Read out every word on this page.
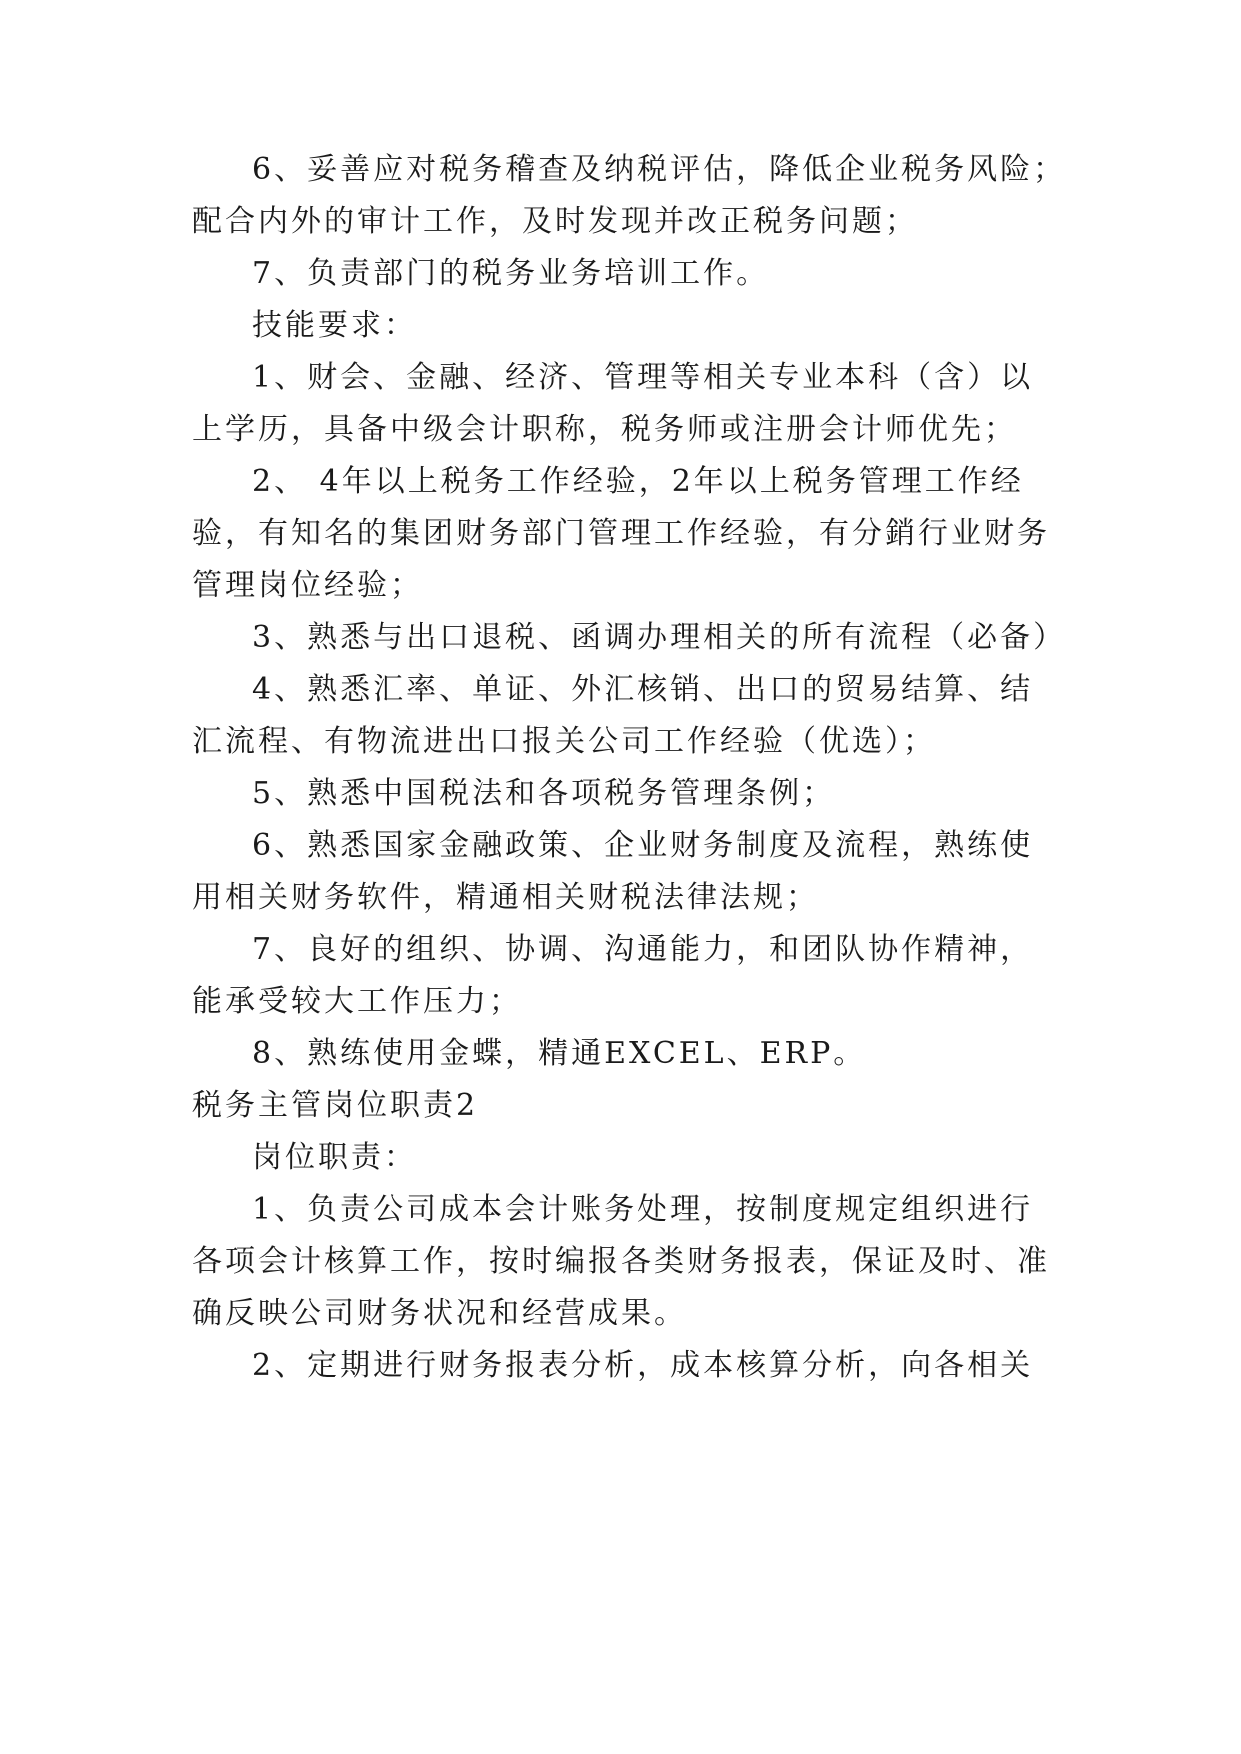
6、妥善应对税务稽查及纳税评估，降低企业税务风险；
配合内外的审计工作，及时发现并改正税务问题；
7、负责部门的税务业务培训工作。
技能要求：
1、财会、金融、经济、管理等相关专业本科（含）以
上学历，具备中级会计职称，税务师或注册会计师优先；
2、 4年以上税务工作经验，2年以上税务管理工作经
验，有知名的集团财务部门管理工作经验，有分銷行业财务
管理岗位经验；
3、熟悉与出口退税、函调办理相关的所有流程（必备）
4、熟悉汇率、单证、外汇核销、出口的贸易结算、结
汇流程、有物流进出口报关公司工作经验（优选）；
5、熟悉中国税法和各项税务管理条例；
6、熟悉国家金融政策、企业财务制度及流程，熟练使
用相关财务软件，精通相关财税法律法规；
7、良好的组织、协调、沟通能力，和团队协作精神，
能承受较大工作压力；
8、熟练使用金蝶，精通EXCEL、ERP。
税务主管岗位职责2
岗位职责：
1、负责公司成本会计账务处理，按制度规定组织进行
各项会计核算工作，按时编报各类财务报表，保证及时、准
确反映公司财务状况和经营成果。
2、定期进行财务报表分析，成本核算分析，向各相关
